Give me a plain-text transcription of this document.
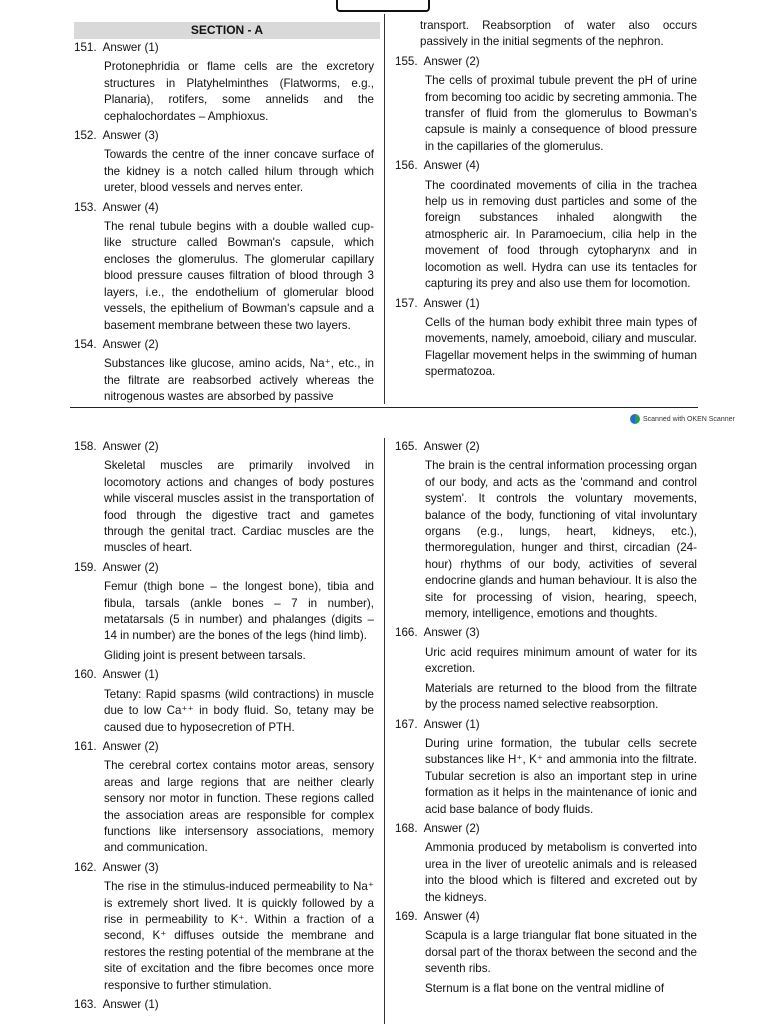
SECTION - A
151. Answer (1)
Protonephridia or flame cells are the excretory structures in Platyhelminthes (Flatworms, e.g., Planaria), rotifers, some annelids and the cephalochordates – Amphioxus.
152. Answer (3)
Towards the centre of the inner concave surface of the kidney is a notch called hilum through which ureter, blood vessels and nerves enter.
153. Answer (4)
The renal tubule begins with a double walled cup-like structure called Bowman's capsule, which encloses the glomerulus. The glomerular capillary blood pressure causes filtration of blood through 3 layers, i.e., the endothelium of glomerular blood vessels, the epithelium of Bowman's capsule and a basement membrane between these two layers.
154. Answer (2)
Substances like glucose, amino acids, Na⁺, etc., in the filtrate are reabsorbed actively whereas the nitrogenous wastes are absorbed by passive
transport. Reabsorption of water also occurs passively in the initial segments of the nephron.
155. Answer (2)
The cells of proximal tubule prevent the pH of urine from becoming too acidic by secreting ammonia. The transfer of fluid from the glomerulus to Bowman's capsule is mainly a consequence of blood pressure in the capillaries of the glomerulus.
156. Answer (4)
The coordinated movements of cilia in the trachea help us in removing dust particles and some of the foreign substances inhaled alongwith the atmospheric air. In Paramoecium, cilia help in the movement of food through cytopharynx and in locomotion as well. Hydra can use its tentacles for capturing its prey and also use them for locomotion.
157. Answer (1)
Cells of the human body exhibit three main types of movements, namely, amoeboid, ciliary and muscular. Flagellar movement helps in the swimming of human spermatozoa.
Scanned with OKEN Scanner

158. Answer (2)
Skeletal muscles are primarily involved in locomotory actions and changes of body postures while visceral muscles assist in the transportation of food through the digestive tract and gametes through the genital tract. Cardiac muscles are the muscles of heart.
159. Answer (2)
Femur (thigh bone – the longest bone), tibia and fibula, tarsals (ankle bones – 7 in number), metatarsals (5 in number) and phalanges (digits – 14 in number) are the bones of the legs (hind limb).
Gliding joint is present between tarsals.
160. Answer (1)
Tetany: Rapid spasms (wild contractions) in muscle due to low Ca⁺⁺ in body fluid. So, tetany may be caused due to hyposecretion of PTH.
161. Answer (2)
The cerebral cortex contains motor areas, sensory areas and large regions that are neither clearly sensory nor motor in function. These regions called the association areas are responsible for complex functions like intersensory associations, memory and communication.
162. Answer (3)
The rise in the stimulus-induced permeability to Na⁺ is extremely short lived. It is quickly followed by a rise in permeability to K⁺. Within a fraction of a second, K⁺ diffuses outside the membrane and restores the resting potential of the membrane at the site of excitation and the fibre becomes once more responsive to further stimulation.
163. Answer (1)
165. Answer (2)
The brain is the central information processing organ of our body, and acts as the 'command and control system'. It controls the voluntary movements, balance of the body, functioning of vital involuntary organs (e.g., lungs, heart, kidneys, etc.), thermoregulation, hunger and thirst, circadian (24-hour) rhythms of our body, activities of several endocrine glands and human behaviour. It is also the site for processing of vision, hearing, speech, memory, intelligence, emotions and thoughts.
166. Answer (3)
Uric acid requires minimum amount of water for its excretion.
Materials are returned to the blood from the filtrate by the process named selective reabsorption.
167. Answer (1)
During urine formation, the tubular cells secrete substances like H⁺, K⁺ and ammonia into the filtrate. Tubular secretion is also an important step in urine formation as it helps in the maintenance of ionic and acid base balance of body fluids.
168. Answer (2)
Ammonia produced by metabolism is converted into urea in the liver of ureotelic animals and is released into the blood which is filtered and excreted out by the kidneys.
169. Answer (4)
Scapula is a large triangular flat bone situated in the dorsal part of the thorax between the second and the seventh ribs.
Sternum is a flat bone on the ventral midline of
